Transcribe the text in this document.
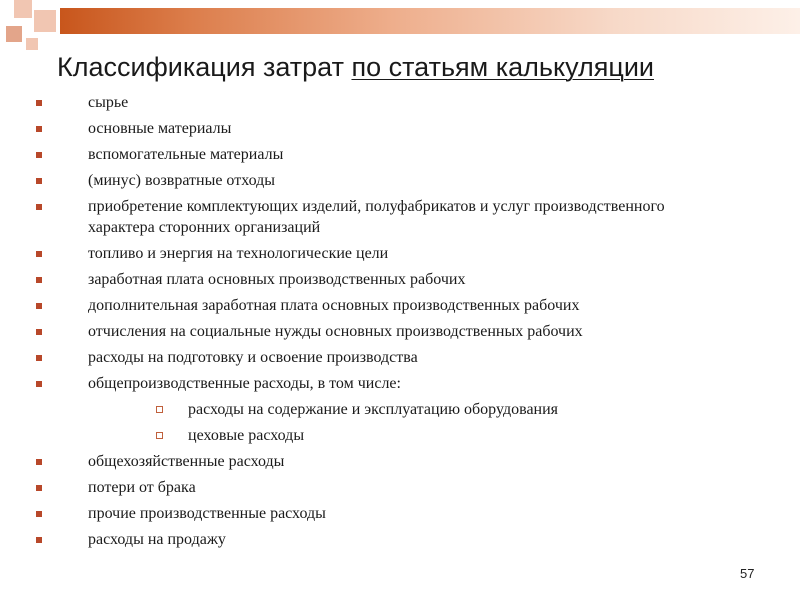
Классификация затрат по статьям калькуляции
сырье
основные материалы
вспомогательные материалы
(минус) возвратные отходы
приобретение комплектующих изделий, полуфабрикатов и услуг производственного характера сторонних организаций
топливо и энергия на технологические цели
заработная плата основных производственных рабочих
дополнительная заработная плата основных производственных рабочих
отчисления на социальные нужды основных производственных рабочих
расходы на подготовку и освоение производства
общепроизводственные расходы, в том числе:
расходы на содержание и эксплуатацию оборудования
цеховые расходы
общехозяйственные расходы
потери от брака
прочие производственные расходы
расходы на продажу
57
